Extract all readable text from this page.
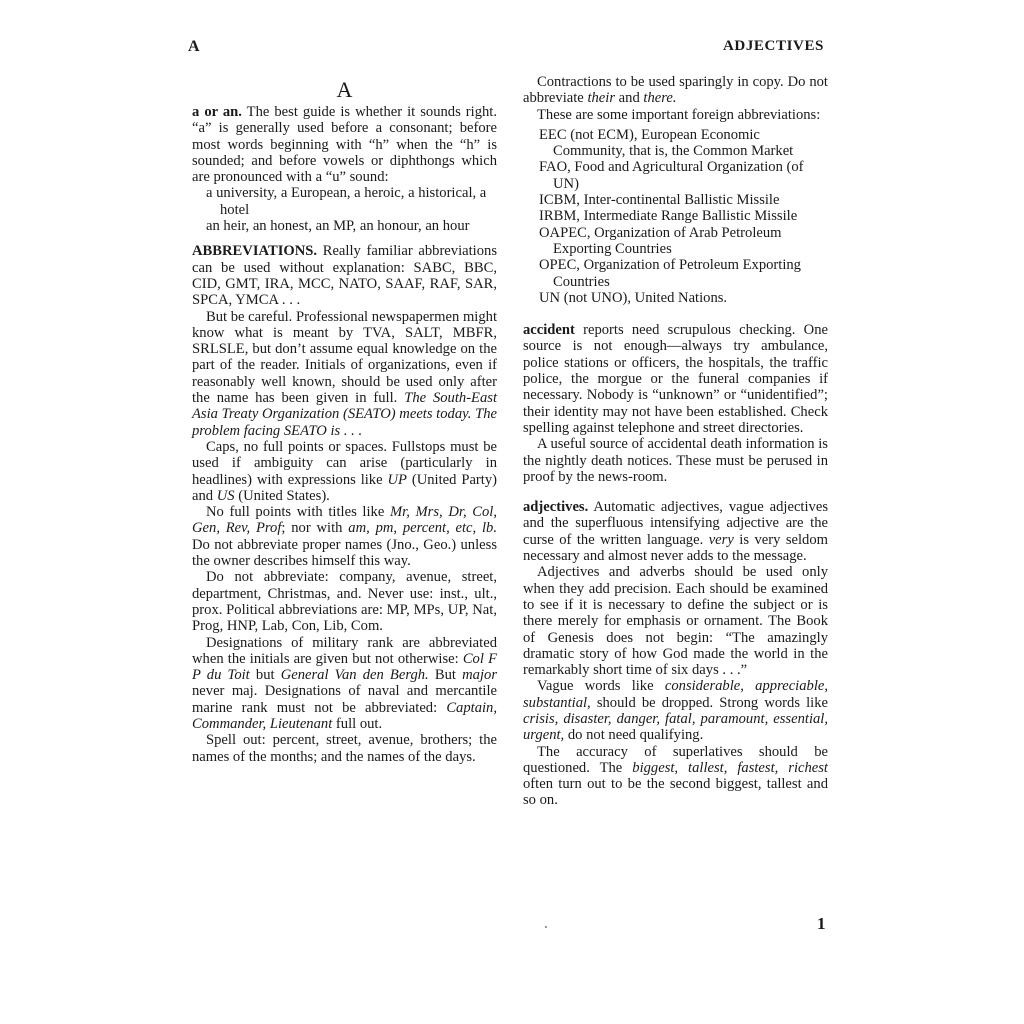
A	ADJECTIVES
A

a or an. The best guide is whether it sounds right. “a” is generally used before a consonant; before most words beginning with “h” when the “h” is sounded; and before vowels or diphthongs which are pronounced with a “u” sound:

a university, a European, a heroic, a historical, a hotel

an heir, an honest, an MP, an honour, an hour

ABBREVIATIONS. Really familiar abbreviations can be used without explanation: SABC, BBC, CID, GMT, IRA, MCC, NATO, SAAF, RAF, SAR, SPCA, YMCA . . .

But be careful. Professional newspapermen might know what is meant by TVA, SALT, MBFR, SRLSLE, but don’t assume equal knowledge on the part of the reader. Initials of organizations, even if reasonably well known, should be used only after the name has been given in full. The South-East Asia Treaty Organization (SEATO) meets today. The problem facing SEATO is . . .

Caps, no full points or spaces. Fullstops must be used if ambiguity can arise (particularly in headlines) with expressions like UP (United Party) and US (United States).

No full points with titles like Mr, Mrs, Dr, Col, Gen, Rev, Prof; nor with am, pm, percent, etc, lb. Do not abbreviate proper names (Jno., Geo.) unless the owner describes himself this way.

Do not abbreviate: company, avenue, street, department, Christmas, and. Never use: inst., ult., prox. Political abbreviations are: MP, MPs, UP, Nat, Prog, HNP, Lab, Con, Lib, Com.

Designations of military rank are abbreviated when the initials are given but not otherwise: Col F P du Toit but General Van den Bergh. But major never maj. Designations of naval and mercantile marine rank must not be abbreviated: Captain, Commander, Lieutenant full out.

Spell out: percent, street, avenue, brothers; the names of the months; and the names of the days.

Contractions to be used sparingly in copy. Do not abbreviate their and there.

These are some important foreign abbreviations:

EEC (not ECM), European Economic Community, that is, the Common Market

FAO, Food and Agricultural Organization (of UN)

ICBM, Inter-continental Ballistic Missile

IRBM, Intermediate Range Ballistic Missile

OAPEC, Organization of Arab Petroleum Exporting Countries

OPEC, Organization of Petroleum Exporting Countries

UN (not UNO), United Nations.

accident reports need scrupulous checking. One source is not enough—always try ambulance, police stations or officers, the hospitals, the traffic police, the morgue or the funeral companies if necessary. Nobody is “unknown” or “unidentified”; their identity may not have been established. Check spelling against telephone and street directories.

A useful source of accidental death information is the nightly death notices. These must be perused in proof by the news-room.

adjectives. Automatic adjectives, vague adjectives and the superfluous intensifying adjective are the curse of the written language. very is very seldom necessary and almost never adds to the message.

Adjectives and adverbs should be used only when they add precision. Each should be examined to see if it is necessary to define the subject or is there merely for emphasis or ornament. The Book of Genesis does not begin: “The amazingly dramatic story of how God made the world in the remarkably short time of six days . . .”

Vague words like considerable, appreciable, substantial, should be dropped. Strong words like crisis, disaster, danger, fatal, paramount, essential, urgent, do not need qualifying.

The accuracy of superlatives should be questioned. The biggest, tallest, fastest, richest often turn out to be the second biggest, tallest and so on.

1
